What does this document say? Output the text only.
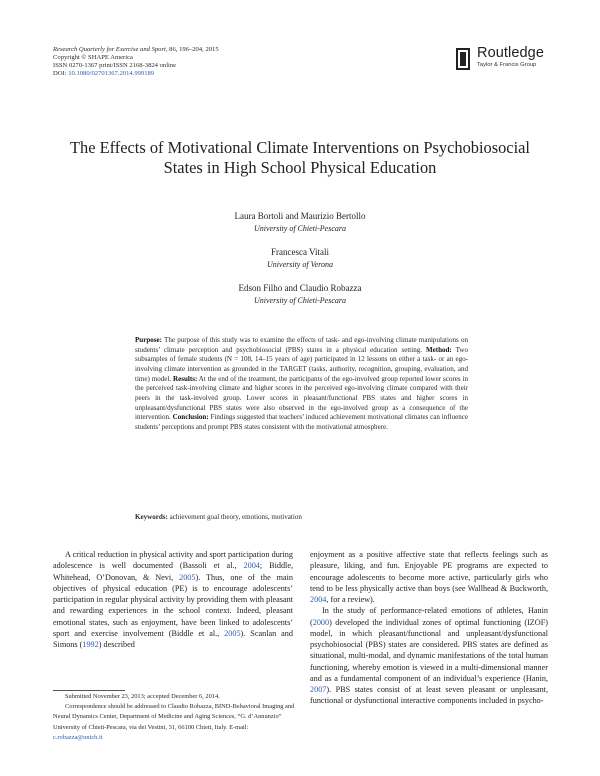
Research Quarterly for Exercise and Sport, 86, 196–204, 2015
Copyright © SHAPE America
ISSN 0270-1367 print/ISSN 2168-3824 online
DOI: 10.1080/02701367.2014.999189
Routledge
Taylor & Francis Group
The Effects of Motivational Climate Interventions on Psychobiosocial States in High School Physical Education
Laura Bortoli and Maurizio Bertollo
University of Chieti-Pescara
Francesca Vitali
University of Verona
Edson Filho and Claudio Robazza
University of Chieti-Pescara
Purpose: The purpose of this study was to examine the effects of task- and ego-involving climate manipulations on students’ climate perception and psychobiosocial (PBS) states in a physical education setting. Method: Two subsamples of female students (N = 108, 14–15 years of age) participated in 12 lessons on either a task- or an ego-involving climate intervention as grounded in the TARGET (tasks, authority, recognition, grouping, evaluation, and time) model. Results: At the end of the treatment, the participants of the ego-involved group reported lower scores in the perceived task-involving climate and higher scores in the perceived ego-involving climate compared with their peers in the task-involved group. Lower scores in pleasant/functional PBS states and higher scores in unpleasant/dysfunctional PBS states were also observed in the ego-involved group as a consequence of the intervention. Conclusion: Findings suggested that teachers’ induced achievement motivational climates can influence students’ perceptions and prompt PBS states consistent with the motivational atmosphere.
Keywords: achievement goal theory, emotions, motivation

A critical reduction in physical activity and sport participation during adolescence is well documented (Bassoli et al., 2004; Biddle, Whitehead, O’Donovan, & Nevi, 2005). Thus, one of the main objectives of physical education (PE) is to encourage adolescents’ participation in regular physical activity by providing them with pleasant and rewarding experiences in the school context. Indeed, pleasant emotional states, such as enjoyment, have been linked to adolescents’ sport and exercise involvement (Biddle et al., 2005). Scanlan and Simons (1992) described

Submitted November 23, 2013; accepted December 6, 2014.
Correspondence should be addressed to Claudio Robazza, BIND-Behavioral Imaging and Neural Dynamics Center, Department of Medicine and Aging Sciences, “G. d’Annunzio” University of Chieti-Pescara, via dei Vestini, 31, 66100 Chieti, Italy. E-mail: c.robazza@unich.it

enjoyment as a positive affective state that reflects feelings such as pleasure, liking, and fun. Enjoyable PE programs are expected to encourage adolescents to become more active, particularly girls who tend to be less physically active than boys (see Wallhead & Buckworth, 2004, for a review).

In the study of performance-related emotions of athletes, Hanin (2000) developed the individual zones of optimal functioning (IZOF) model, in which pleasant/functional and unpleasant/dysfunctional psychobiosocial (PBS) states are considered. PBS states are defined as situational, multi-modal, and dynamic manifestations of the total human functioning, whereby emotion is viewed in a multi-dimensional manner and as a fundamental component of an individual’s experience (Hanin, 2007). PBS states consist of at least seven pleasant or unpleasant, functional or dysfunctional interactive components included in psycho-
